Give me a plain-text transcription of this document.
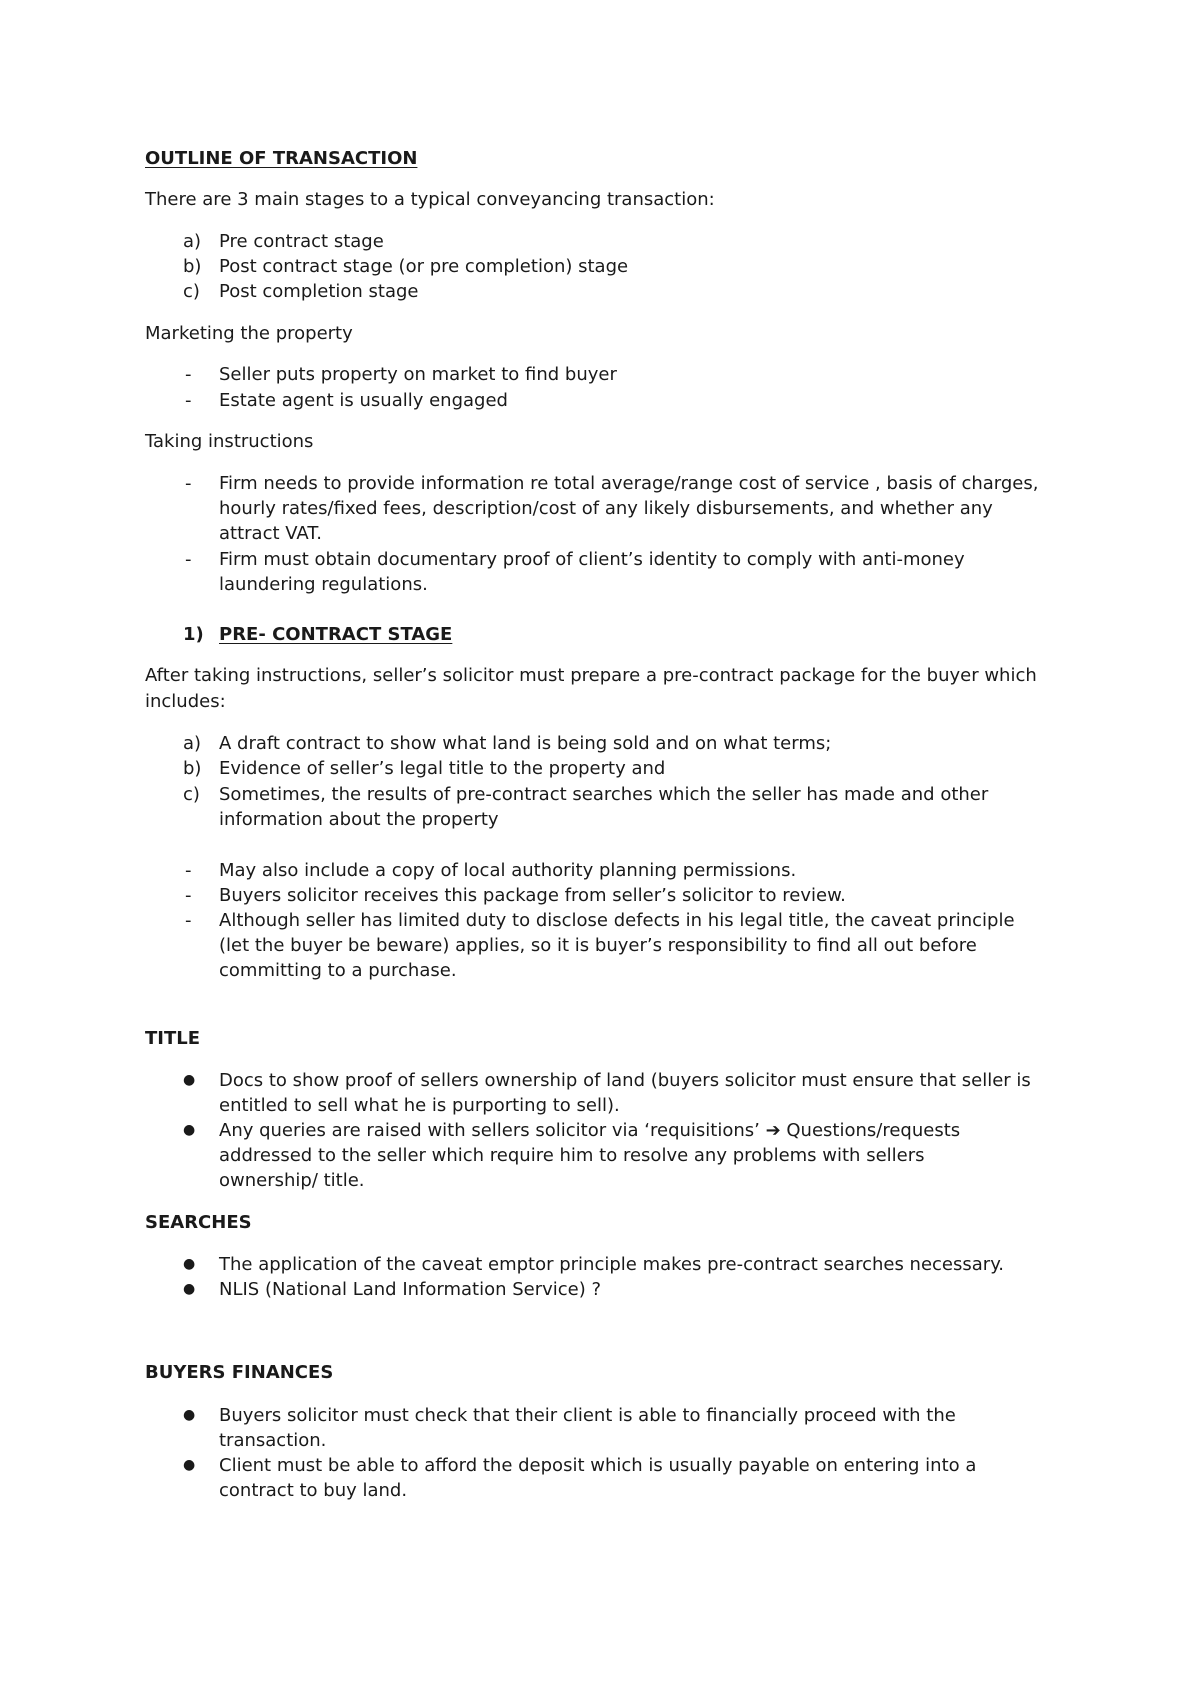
OUTLINE OF TRANSACTION
There are 3 main stages to a typical conveyancing transaction:
a) Pre contract stage
b) Post contract stage (or pre completion) stage
c) Post completion stage
Marketing the property
- Seller puts property on market to find buyer
- Estate agent is usually engaged
Taking instructions
- Firm needs to provide information re total average/range cost of service , basis of charges,
hourly rates/fixed fees, description/cost of any likely disbursements, and whether any
attract VAT.
- Firm must obtain documentary proof of client’s identity to comply with anti-money
laundering regulations.
1) PRE- CONTRACT STAGE
After taking instructions, seller’s solicitor must prepare a pre-contract package for the buyer which
includes:
a) A draft contract to show what land is being sold and on what terms;
b) Evidence of seller’s legal title to the property and
c) Sometimes, the results of pre-contract searches which the seller has made and other
information about the property
- May also include a copy of local authority planning permissions.
- Buyers solicitor receives this package from seller’s solicitor to review.
- Although seller has limited duty to disclose defects in his legal title, the caveat principle
(let the buyer be beware) applies, so it is buyer’s responsibility to find all out before
committing to a purchase.
TITLE
● Docs to show proof of sellers ownership of land (buyers solicitor must ensure that seller is
entitled to sell what he is purporting to sell).
● Any queries are raised with sellers solicitor via ‘requisitions’ ➔ Questions/requests
addressed to the seller which require him to resolve any problems with sellers
ownership/ title.
SEARCHES
● The application of the caveat emptor principle makes pre-contract searches necessary.
● NLIS (National Land Information Service) ?
BUYERS FINANCES
● Buyers solicitor must check that their client is able to financially proceed with the
transaction.
● Client must be able to afford the deposit which is usually payable on entering into a
contract to buy land.
